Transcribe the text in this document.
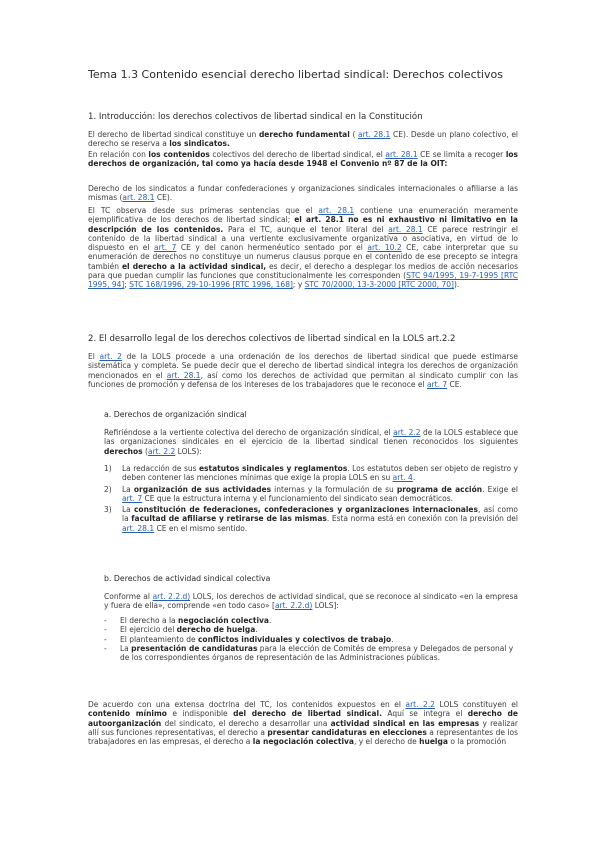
Tema 1.3 Contenido esencial derecho libertad sindical: Derechos colectivos
1. Introducción: los derechos colectivos de libertad sindical en la Constitución
El derecho de libertad sindical constituye un derecho fundamental ( art. 28.1 CE). Desde un plano colectivo, el derecho se reserva a los sindicatos.
En relación con los contenidos colectivos del derecho de libertad sindical, el art. 28.1 CE se limita a recoger los derechos de organización, tal como ya hacía desde 1948 el Convenio nº 87 de la OIT:
Derecho de los sindicatos a fundar confederaciones y organizaciones sindicales internacionales o afiliarse a las mismas (art. 28.1 CE).
El TC observa desde sus primeras sentencias que el art. 28.1 contiene una enumeración meramente ejemplificativa de los derechos de libertad sindical; el art. 28.1 no es ni exhaustivo ni limitativo en la descripción de los contenidos. Para el TC, aunque el tenor literal del art. 28.1 CE parece restringir el contenido de la libertad sindical a una vertiente exclusivamente organizativa o asociativa, en virtud de lo dispuesto en el art. 7 CE y del canon hermenéutico sentado por el art. 10.2 CE, cabe interpretar que su enumeración de derechos no constituye un numerus clausus porque en el contenido de ese precepto se integra también el derecho a la actividad sindical, es decir, el derecho a desplegar los medios de acción necesarios para que puedan cumplir las funciones que constitucionalmente les corresponden (STC 94/1995, 19-7-1995 [RTC 1995, 94]; STC 168/1996, 29-10-1996 [RTC 1996, 168]; y STC 70/2000, 13-3-2000 [RTC 2000, 70]).
2. El desarrollo legal de los derechos colectivos de libertad sindical en la LOLS art.2.2
El art. 2 de la LOLS procede a una ordenación de los derechos de libertad sindical que puede estimarse sistemática y completa. Se puede decir que el derecho de libertad sindical integra los derechos de organización mencionados en el art. 28.1, así como los derechos de actividad que permitan al sindicato cumplir con las funciones de promoción y defensa de los intereses de los trabajadores que le reconoce el art. 7 CE.
a. Derechos de organización sindical
Refiriéndose a la vertiente colectiva del derecho de organización sindical, el art. 2.2 de la LOLS establece que las organizaciones sindicales en el ejercicio de la libertad sindical tienen reconocidos los siguientes derechos (art. 2.2 LOLS):
1) La redacción de sus estatutos sindicales y reglamentos. Los estatutos deben ser objeto de registro y deben contener las menciones mínimas que exige la propia LOLS en su art. 4.
2) La organización de sus actividades internas y la formulación de su programa de acción. Exige el art. 7 CE que la estructura interna y el funcionamiento del sindicato sean democráticos.
3) La constitución de federaciones, confederaciones y organizaciones internacionales, así como la facultad de afiliarse y retirarse de las mismas. Esta norma está en conexión con la previsión del art. 28.1 CE en el mismo sentido.
b. Derechos de actividad sindical colectiva
Conforme al art. 2.2.d) LOLS, los derechos de actividad sindical, que se reconoce al sindicato «en la empresa y fuera de ella», comprende «en todo caso» [art. 2.2.d) LOLS]:
- El derecho a la negociación colectiva.
- El ejercicio del derecho de huelga.
- El planteamiento de conflictos individuales y colectivos de trabajo.
- La presentación de candidaturas para la elección de Comités de empresa y Delegados de personal y de los correspondientes órganos de representación de las Administraciones públicas.
De acuerdo con una extensa doctrina del TC, los contenidos expuestos en el art. 2.2 LOLS constituyen el contenido mínimo e indisponible del derecho de libertad sindical. Aquí se integra el derecho de autoorganización del sindicato, el derecho a desarrollar una actividad sindical en las empresas y realizar allí sus funciones representativas, el derecho a presentar candidaturas en elecciones a representantes de los trabajadores en las empresas, el derecho a la negociación colectiva, y el derecho de huelga o la promoción
